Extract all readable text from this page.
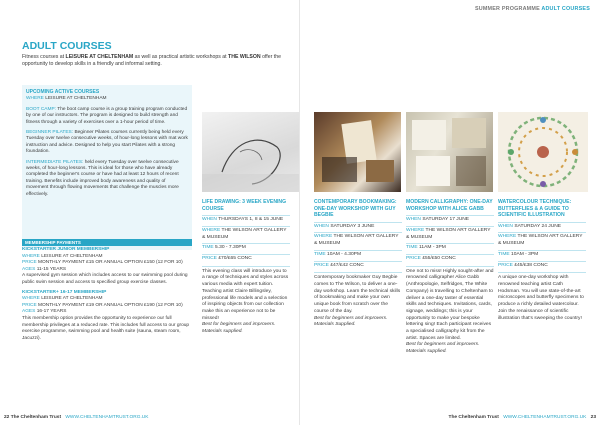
SUMMER PROGRAMME ADULT COURSES
ADULT COURSES

Fitness courses at LEISURE AT CHELTENHAM as well as practical artistic workshops at THE WILSON offer the opportunity to develop skills in a friendly and informal setting.

UPCOMING ACTIVE COURSES
WHERE LEISURE AT CHELTENHAM

BOOT CAMP: The boot camp course is a group training program conducted by one of our instructors. The program is designed to build strength and fitness through a variety of exercises over a 1-hour period of time.

BEGINNER PILATES: Beginner Pilates courses currently being held every Tuesday over twelve consecutive weeks, of hour-long lessons with mat work instruction and advice. Designed to help you start Pilates with a strong foundation.

INTERMEDIATE PILATES: held every Tuesday over twelve consecutive weeks, of hour-long lessons. This is ideal for those who have already completed the beginner's course or have had at least 12 hours of recent training. Benefits include improved body awareness and quality of movement through flowing movements that challenge the muscles more effectively.

MEMBERSHIP PAYMENTS

KICKSTARTER JUNIOR MEMBERSHIP
WHERE LEISURE AT CHELTENHAM
PRICE MONTHLY PAYMENT £15 OR ANNUAL OPTION £150 (12 FOR 10)
AGES 11-15 YEARS
A supervised gym session which includes access to our swimming pool during public swim session and access to specified group exercise classes.

KICKSTARTER+ 16-17 MEMBERSHIP
WHERE LEISURE AT CHELTENHAM
PRICE MONTHLY PAYMENT £19 OR ANNUAL OPTION £190 (12 FOR 10)
AGES 16-17 YEARS
This membership option provides the opportunity to experience our full membership privileges at a reduced rate. This includes full access to our group exercise programme, swimming pool and health suite (sauna, steam room, Jacuzzi).

LIFE DRAWING: 3 WEEK EVENING COURSE
WHEN THURSDAYS 1, 8 & 15 JUNE
WHERE THE WILSON ART GALLERY & MUSEUM
TIME 5.30 - 7.30PM
PRICE £70/£65 CONC
This evening class will introduce you to a range of techniques and styles across various media with expert tuition. Teaching artist Claire Billingsley, professional life models and a selection of inspiring objects from our collection make this an experience not to be missed!
Best for beginners and improvers. Materials supplied.
CONTEMPORARY BOOKMAKING: ONE-DAY WORKSHOP WITH GUY BEGBIE
WHEN SATURDAY 3 JUNE
WHERE THE WILSON ART GALLERY & MUSEUM
TIME 10AM - 4.30PM
PRICE £47/£42 CONC
Contemporary bookmaker Guy Begbie comes to The Wilson, to deliver a one-day workshop. Learn the technical skills of bookmaking and make your own unique book from scratch over the course of the day.
Best for beginners and improvers. Materials Supplied.
MODERN CALLIGRAPHY: ONE-DAY WORKSHOP WITH ALICE GABB
WHEN SATURDAY 17 JUNE
WHERE THE WILSON ART GALLERY & MUSEUM
TIME 11AM - 3PM
PRICE £55/£50 CONC
One not to miss! Highly sought-after and renowned calligrapher Alice Gabb (Anthropologie, Selfridges, The White Company) is travelling to Cheltenham to deliver a one-day taster of essential skills and techniques. Invitations, cards, signage, weddings; this is your opportunity to make your bespoke lettering sing! Each participant receives a specialised calligraphy kit from the artist. Spaces are limited.
Best for beginners and improvers. Materials supplied.
WATERCOLOUR TECHNIQUE: BUTTERFLIES & A GUIDE TO SCIENTIFIC ILLUSTRATION
WHEN SATURDAY 24 JUNE
WHERE THE WILSON ART GALLERY & MUSEUM
TIME 10AM - 3PM
PRICE £45/£38 CONC
A unique one-day workshop with renowned teaching artist Cath Hodsman. You will use state-of-the-art microscopes and butterfly specimens to produce a richly detailed watercolour. Join the renaissance of scientific illustration that's sweeping the country!
22 The Cheltenham Trust WWW.CHELTENHAMTRUST.ORG.UK	The Cheltenham Trust WWW.CHELTENHAMTRUST.ORG.UK 23
